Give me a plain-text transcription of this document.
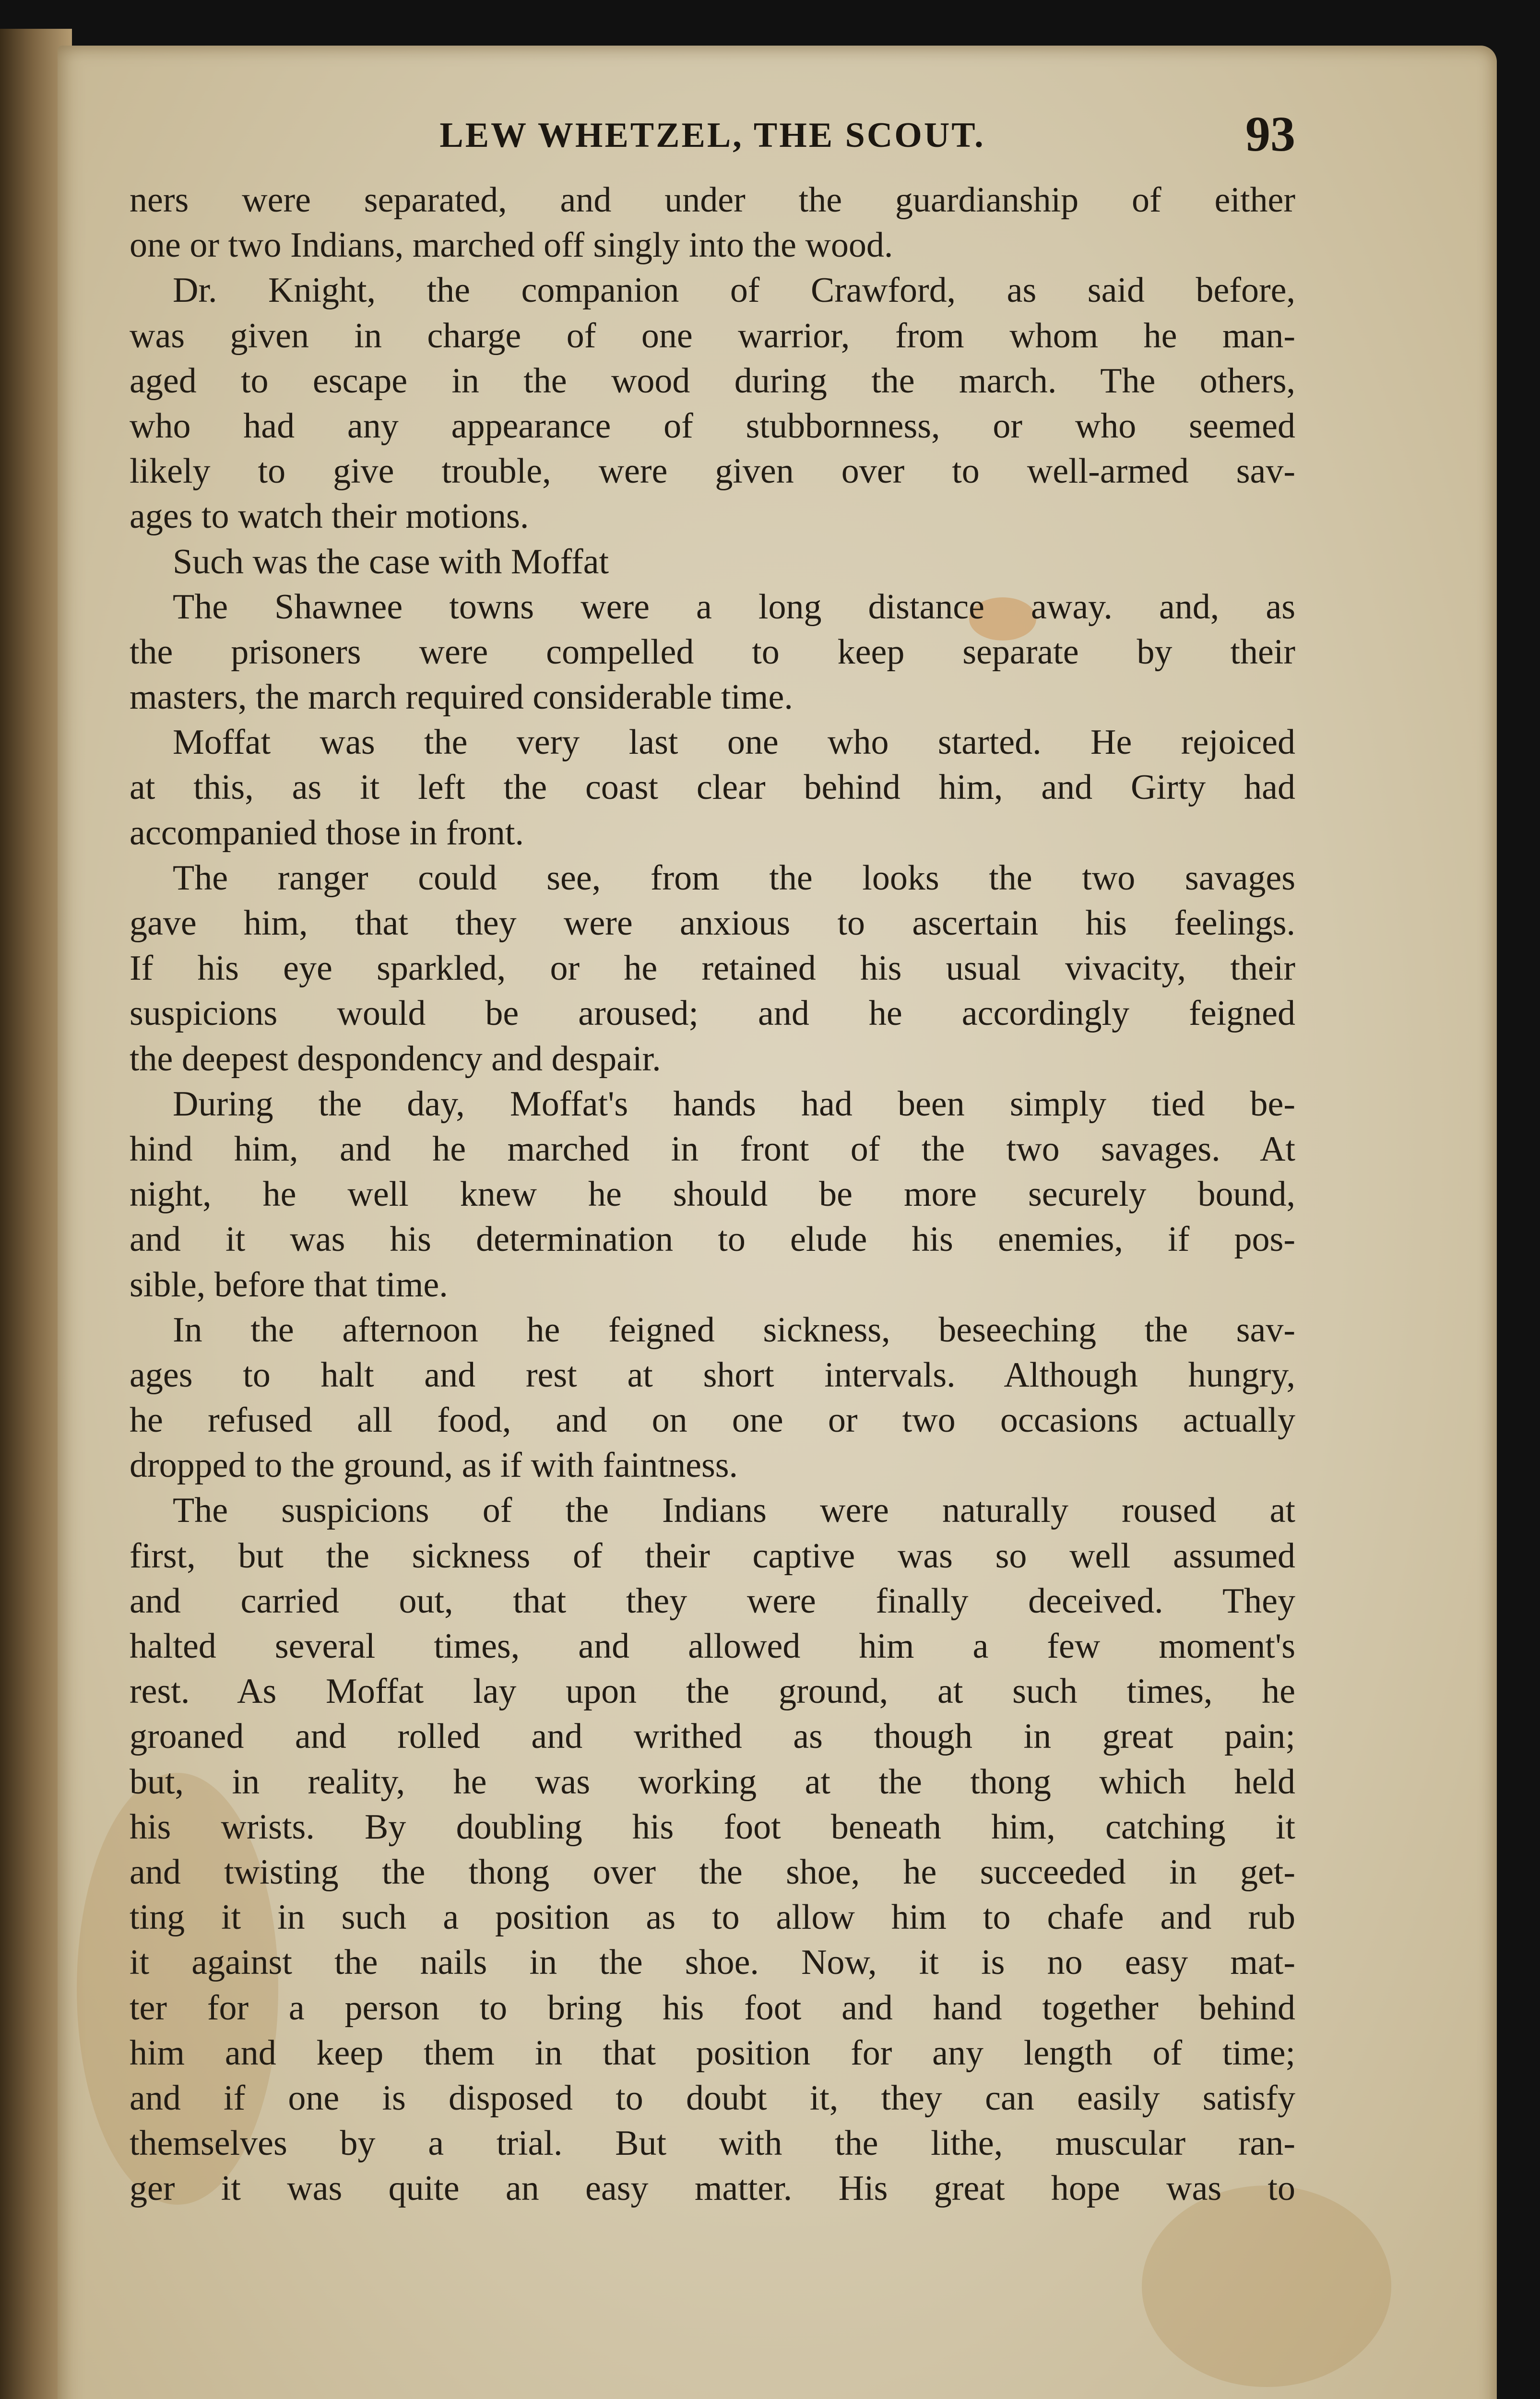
LEW WHETZEL, THE SCOUT.	93
ners were separated, and under the guardianship of either
one or two Indians, marched off singly into the wood.
Dr. Knight, the companion of Crawford, as said before,
was given in charge of one warrior, from whom he man-
aged to escape in the wood during the march. The others,
who had any appearance of stubbornness, or who seemed
likely to give trouble, were given over to well-armed sav-
ages to watch their motions.
Such was the case with Moffat
The Shawnee towns were a long distance away. and, as
the prisoners were compelled to keep separate by their
masters, the march required considerable time.
Moffat was the very last one who started. He rejoiced
at this, as it left the coast clear behind him, and Girty had
accompanied those in front.
The ranger could see, from the looks the two savages
gave him, that they were anxious to ascertain his feelings.
If his eye sparkled, or he retained his usual vivacity, their
suspicions would be aroused; and he accordingly feigned
the deepest despondency and despair.
During the day, Moffat's hands had been simply tied be-
hind him, and he marched in front of the two savages. At
night, he well knew he should be more securely bound,
and it was his determination to elude his enemies, if pos-
sible, before that time.
In the afternoon he feigned sickness, beseeching the sav-
ages to halt and rest at short intervals. Although hungry,
he refused all food, and on one or two occasions actually
dropped to the ground, as if with faintness.
The suspicions of the Indians were naturally roused at
first, but the sickness of their captive was so well assumed
and carried out, that they were finally deceived. They
halted several times, and allowed him a few moment's
rest. As Moffat lay upon the ground, at such times, he
groaned and rolled and writhed as though in great pain;
but, in reality, he was working at the thong which held
his wrists. By doubling his foot beneath him, catching it
and twisting the thong over the shoe, he succeeded in get-
ting it in such a position as to allow him to chafe and rub
it against the nails in the shoe. Now, it is no easy mat-
ter for a person to bring his foot and hand together behind
him and keep them in that position for any length of time;
and if one is disposed to doubt it, they can easily satisfy
themselves by a trial. But with the lithe, muscular ran-
ger it was quite an easy matter. His great hope was to
